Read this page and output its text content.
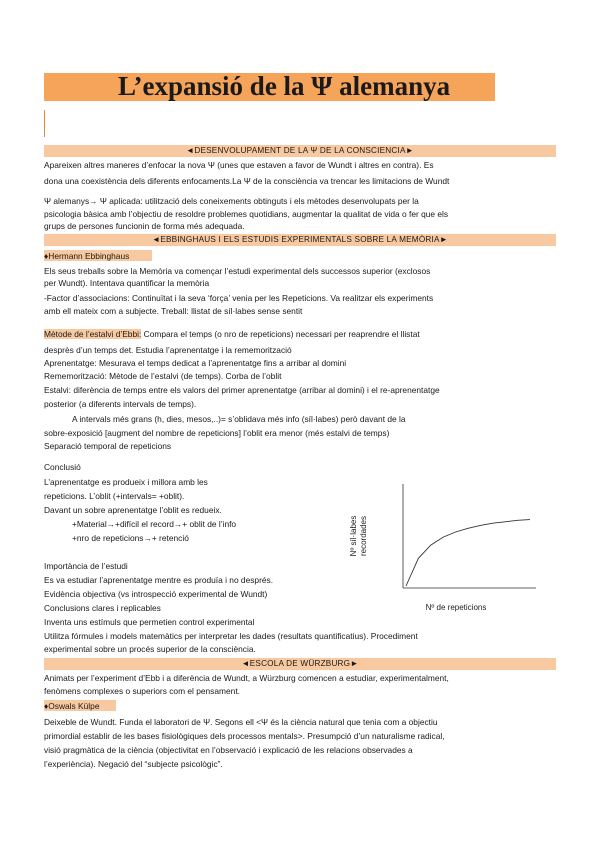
L’expansió de la Ψ alemanya
◄DESENVOLUPAMENT DE LA Ψ DE LA CONSCIENCIA►
Apareixen altres maneres d’enfocar la nova Ψ (unes que estaven a favor de Wundt i altres en contra). Es
dona una coexistència dels diferents enfocaments.La Ψ de la consciència va trencar les limitacions de Wundt
Ψ alemanys→ Ψ aplicada: utilització dels coneixements obtinguts i els mètodes desenvolupats per la
psicologia bàsica amb l’objectiu de resoldre problemes quotidians, augmentar la qualitat de vida o fer que els
grups de persones funcionin de forma més adequada.
◄EBBINGHAUS I ELS ESTUDIS EXPERIMENTALS SOBRE LA MEMÒRIA►
♦Hermann Ebbinghaus
Els seus treballs sobre la Memòria va començar l’estudi experimental dels successos superior (exclosos
per Wundt). Intentava quantificar la memòria
-Factor d’associacions: Continuïtat i la seva ‘força’ venia per les Repeticions. Va realitzar els experiments
amb ell mateix com a subjecte. Treball: llistat de síl·labes sense sentit
Mètode de l’estalvi d’Ebbi: Compara el temps (o nro de repeticions) necessari per reaprendre el llistat
desprès d’un temps det. Estudia l’aprenentatge i la rememorització
Aprenentatge: Mesurava el temps dedicat a l’aprenentatge fins a arribar al domini
Rememorització: Mètode de l’estalvi (de temps). Corba de l’oblit
Estalvi: diferència de temps entre els valors del primer aprenentatge (arribar al domini) i el re-aprenentatge
posterior (a diferents intervals de temps).
A intervals més grans (h, dies, mesos,..)= s’oblidava més info (síl·labes) però davant de la
sobre-exposició [augment del nombre de repeticions] l’oblit era menor (més estalvi de temps)
Separació temporal de repeticions
Conclusió
L’aprenentatge es produeix i millora amb les
repeticions. L’oblit (+intervals= +oblit).
Davant un sobre aprenentatge l’oblit es redueix.
+Material→+difícil el record→+ oblit de l’info
+nro de repeticions→+ retenció
Importància de l’estudi
Es va estudiar l’aprenentatge mentre es produïa i no després.
Evidència objectiva (vs introspecció experimental de Wundt)
Conclusions clares i replicables
Inventa uns estímuls que permetien control experimental
Utilitza fórmules i models matemàtics per interpretar les dades (resultats quantificatius). Procediment
experimental sobre un procés superior de la consciència.
Nº síl·labes recordades
Nº de repeticions
◄ESCOLA DE WÜRZBURG►
Animats per l’experiment d’Ebb i a diferència de Wundt, a Würzburg comencen a estudiar, experimentalment,
fenòmens complexes o superiors com el pensament.
♦Oswals Külpe
Deixeble de Wundt. Funda el laboratori de Ψ. Segons ell <Ψ és la ciència natural que tenia com a objectiu
primordial establir de les bases fisiològiques dels processos mentals>. Presumpció d’un naturalisme radical,
visió pragmàtica de la ciència (objectivitat en l’observació i explicació de les relacions observades a
l’experiència). Negació del “subjecte psicològic”.
